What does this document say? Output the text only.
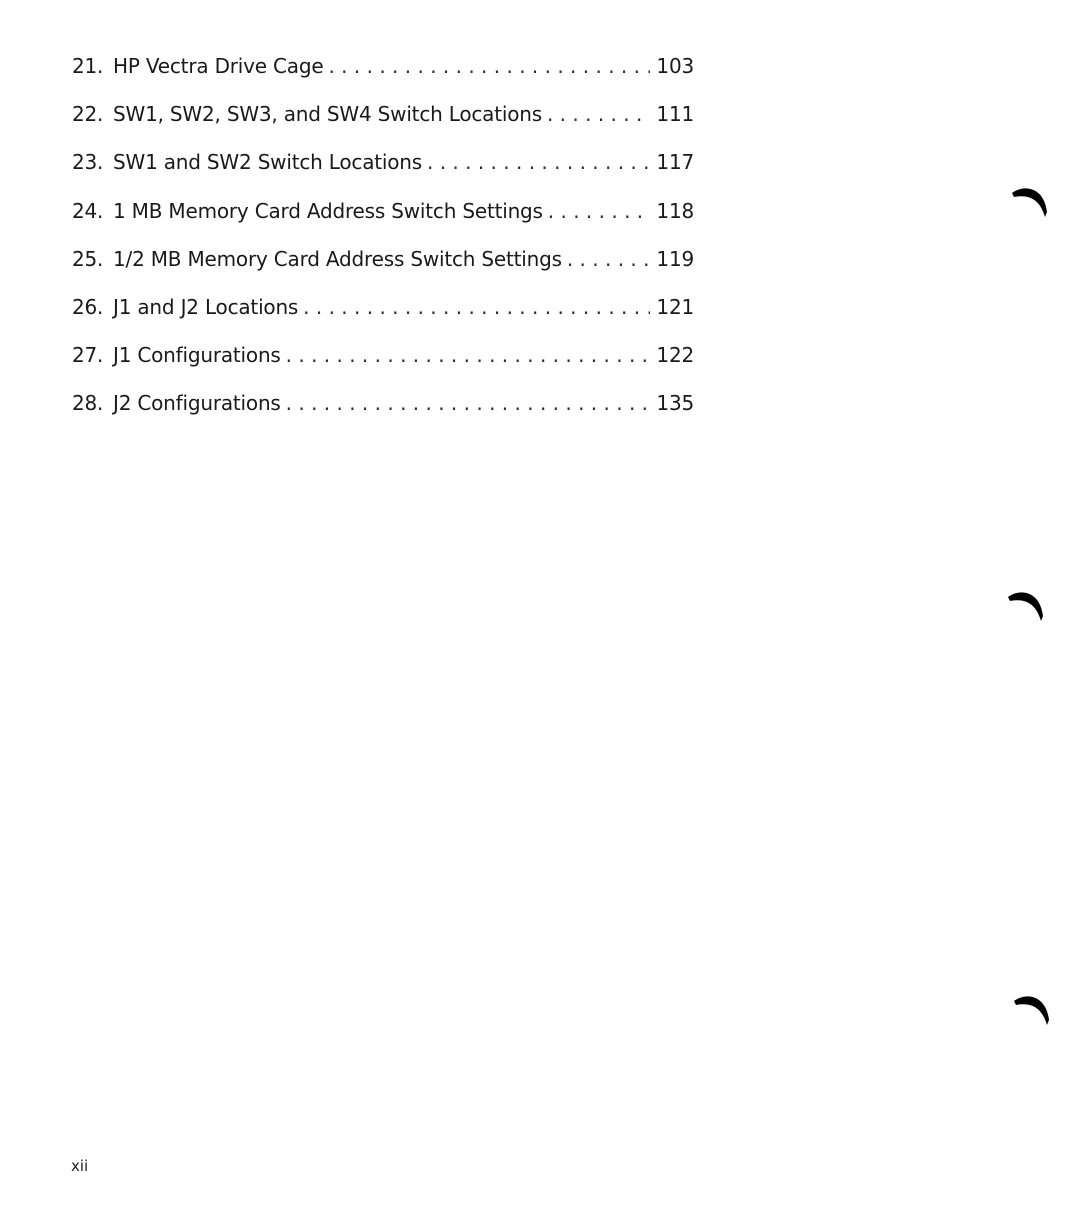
21. HP Vectra Drive Cage . . .	103
22. SW1, SW2, SW3, and SW4 Switch Locations . . .	111
23. SW1 and SW2 Switch Locations . . .	117
24. 1 MB Memory Card Address Switch Settings . . .	118
25. 1/2 MB Memory Card Address Switch Settings . . .	119
26. J1 and J2 Locations . . .	121
27. J1 Configurations . . .	122
28. J2 Configurations . . .	135
xii
